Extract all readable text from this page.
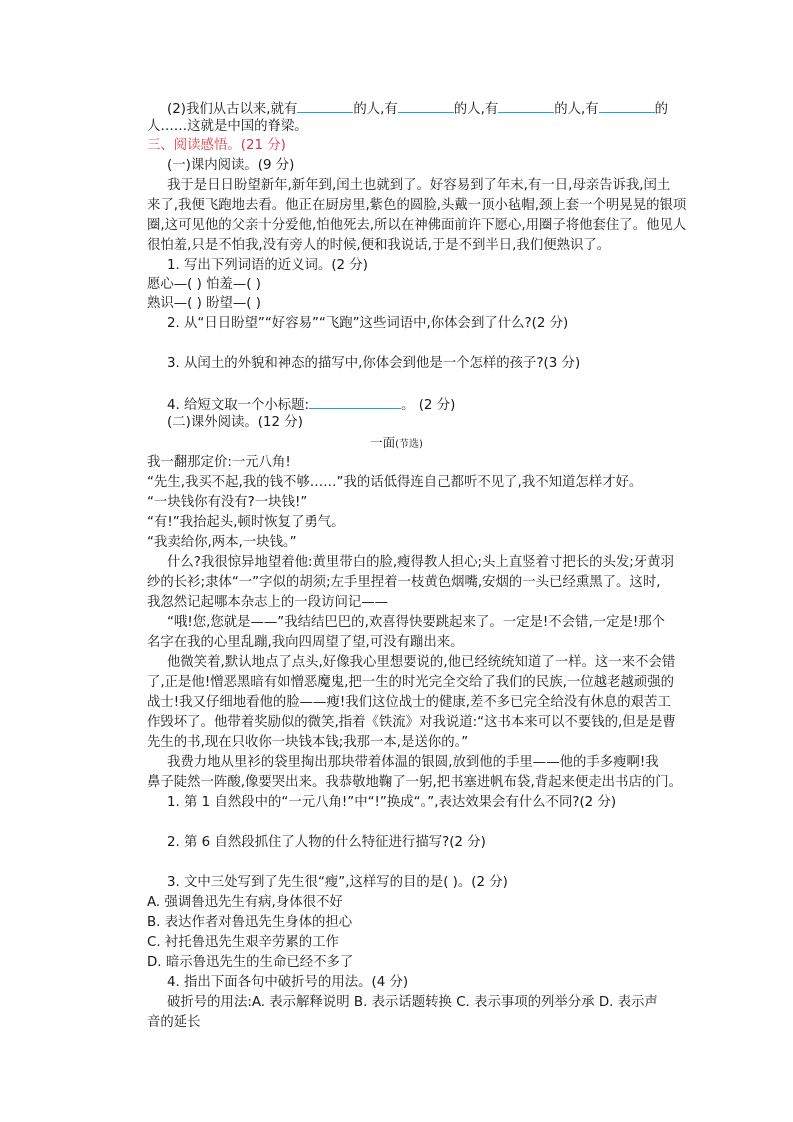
(2)我们从古以来,就有	的人,有	的人,有	的人,有	的
人……这就是中国的脊梁。
三、阅读感悟。(21 分)
(一)课内阅读。(9 分)
我于是日日盼望新年,新年到,闰土也就到了。好容易到了年末,有一日,母亲告诉我,闰土
来了,我便飞跑地去看。他正在厨房里,紫色的圆脸,头戴一顶小毡帽,颈上套一个明晃晃的银项
圈,这可见他的父亲十分爱他,怕他死去,所以在神佛面前许下愿心,用圈子将他套住了。他见人
很怕羞,只是不怕我,没有旁人的时候,便和我说话,于是不到半日,我们便熟识了。
1. 写出下列词语的近义词。(2 分)
愿心—( ) 怕羞—( )
熟识—( ) 盼望—( )
2. 从“日日盼望”“好容易”“飞跑”这些词语中,你体会到了什么?(2 分)
3. 从闰土的外貌和神态的描写中,你体会到他是一个怎样的孩子?(3 分)
4. 给短文取一个小标题:	。 (2 分)
(二)课外阅读。(12 分)
一面(节选)
我一翻那定价:一元八角!
“先生,我买不起,我的钱不够……”我的话低得连自己都听不见了,我不知道怎样才好。
“一块钱你有没有?一块钱!”
“有!”我抬起头,顿时恢复了勇气。
“我卖给你,两本,一块钱。”
什么?我很惊异地望着他:黄里带白的脸,瘦得教人担心;头上直竖着寸把长的头发;牙黄羽
纱的长衫;隶体“一”字似的胡须;左手里捏着一枝黄色烟嘴,安烟的一头已经熏黑了。这时,
我忽然记起哪本杂志上的一段访问记——
“哦!您,您就是——”我结结巴巴的,欢喜得快要跳起来了。一定是!不会错,一定是!那个
名字在我的心里乱蹦,我向四周望了望,可没有蹦出来。
他微笑着,默认地点了点头,好像我心里想要说的,他已经统统知道了一样。这一来不会错
了,正是他!憎恶黑暗有如憎恶魔鬼,把一生的时光完全交给了我们的民族,一位越老越顽强的
战士!我又仔细地看他的脸——瘦!我们这位战士的健康,差不多已完全给没有休息的艰苦工
作毁坏了。他带着奖励似的微笑,指着《铁流》对我说道:“这书本来可以不要钱的,但是是曹
先生的书,现在只收你一块钱本钱;我那一本,是送你的。”
我费力地从里衫的袋里掏出那块带着体温的银圆,放到他的手里——他的手多瘦啊!我
鼻子陡然一阵酸,像要哭出来。我恭敬地鞠了一躬,把书塞进帆布袋,背起来便走出书店的门。
1. 第 1 自然段中的“一元八角!”中“!”换成“。”,表达效果会有什么不同?(2 分)
2. 第 6 自然段抓住了人物的什么特征进行描写?(2 分)
3. 文中三处写到了先生很“瘦”,这样写的目的是( )。(2 分)
A. 强调鲁迅先生有病,身体很不好
B. 表达作者对鲁迅先生身体的担心
C. 衬托鲁迅先生艰辛劳累的工作
D. 暗示鲁迅先生的生命已经不多了
4. 指出下面各句中破折号的用法。(4 分)
破折号的用法:A. 表示解释说明 B. 表示话题转换 C. 表示事项的列举分承 D. 表示声
音的延长
